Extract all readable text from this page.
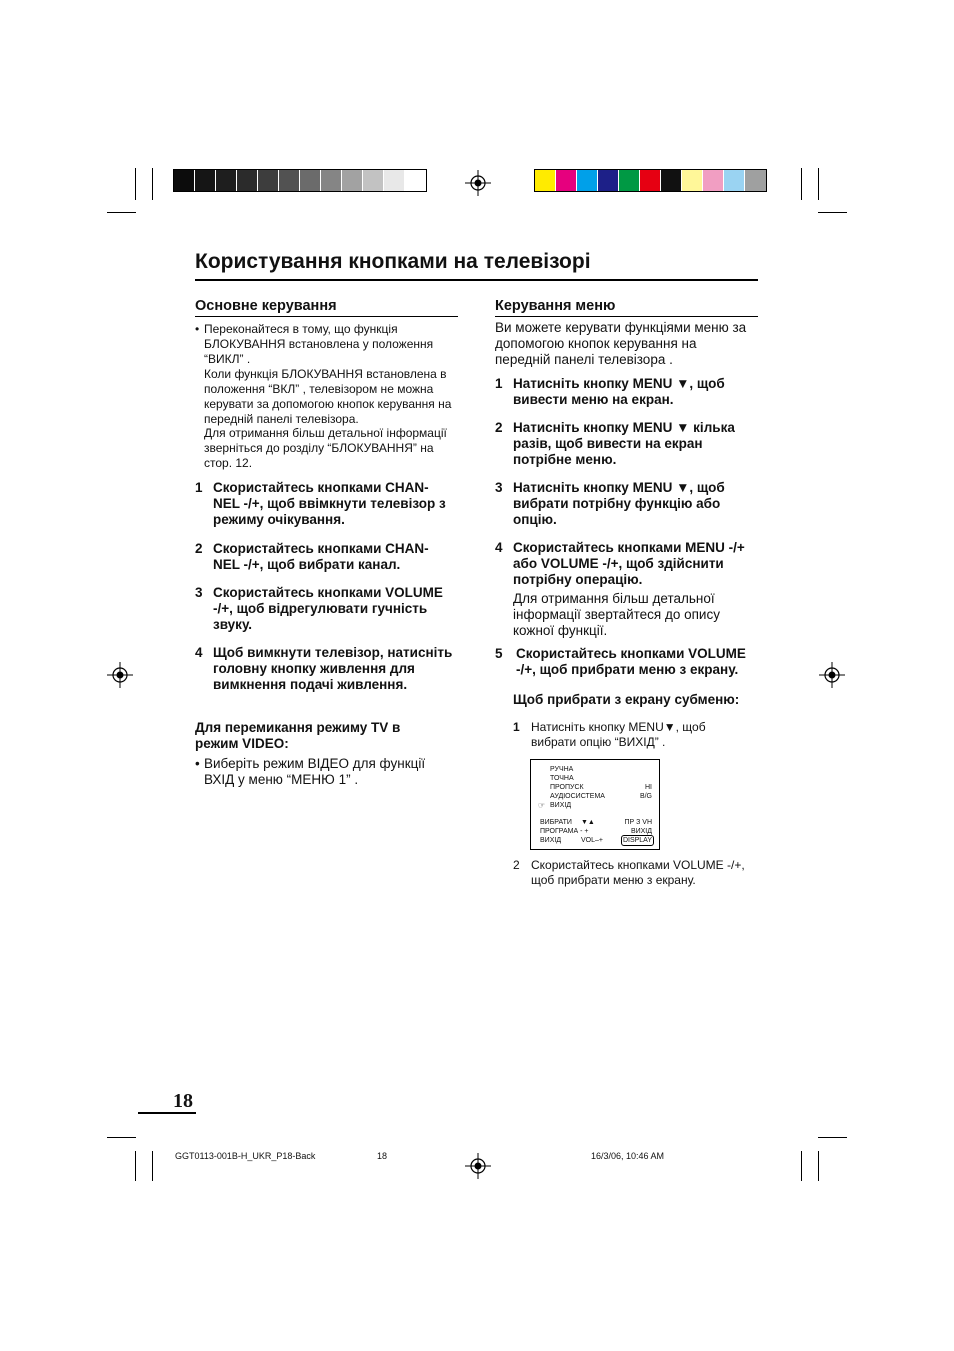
Користування кнопками на телевізорі
Основне керування
• Переконайтеся в тому, що функція БЛОКУВАННЯ встановлена у положення “ВИКЛ” .
Коли функція БЛОКУВАННЯ встановлена в положення “ВКЛ” , телевізором не можна керувати за допомогою кнопок керування на передній панелі телевізора.
Для отримання більш детальної інформації зверніться до розділу “БЛОКУВАННЯ” на стор. 12.
1 Скористайтесь кнопками CHAN- NEL -/+, щоб ввімкнути телевізор з режиму очікування.
2 Скористайтесь кнопками CHAN- NEL -/+, щоб вибрати канал.
3 Скористайтесь кнопками VOLUME -/+, щоб відрегулювати гучність звуку.
4 Щоб вимкнути телевізор, натисніть головну кнопку живлення для вимкнення подачі живлення.
Для перемикання режиму TV в режим VIDEO:
• Виберіть режим ВІДЕО для функції ВХІД у меню “МЕНЮ 1” .
Керування меню
Ви можете керувати функціями меню за допомогою кнопок керування на передній панелі телевізора .
1 Натисніть кнопку MENU ▼, щоб вивести меню на екран.
2 Натисніть кнопку MENU ▼ кілька разів, щоб вивести на екран потрібне меню.
3 Натисніть кнопку MENU ▼, щоб вибрати потрібну функцію або опцію.
4 Скористайтесь кнопками MENU -/+ або VOLUME -/+, щоб здійснити потрібну операцію.
Для отримання більш детальної інформації звертайтеся до опису кожної функції.
5 Скористайтесь кнопками VOLUME -/+, щоб прибрати меню з екрану.
Щоб прибрати з екрану субменю:
1 Натисніть кнопку MENU▼, щоб вибрати опцію “ВИХІД” .
РУЧНА
ТОЧНА
ПРОПУСК	HI
АУДІОСИСТЕМА	B/G
☞ ВИХІД
ВИБРАТИ ▼▲	ПР З VH
ПРОГРАМА - +	ВИХІД
ВИХІД	VOL–+	DISPLAY
2 Скористайтесь кнопками VOLUME -/+, щоб прибрати меню з екрану.
18
GGT0113-001B-H_UKR_P18-Back	18	16/3/06, 10:46 AM
